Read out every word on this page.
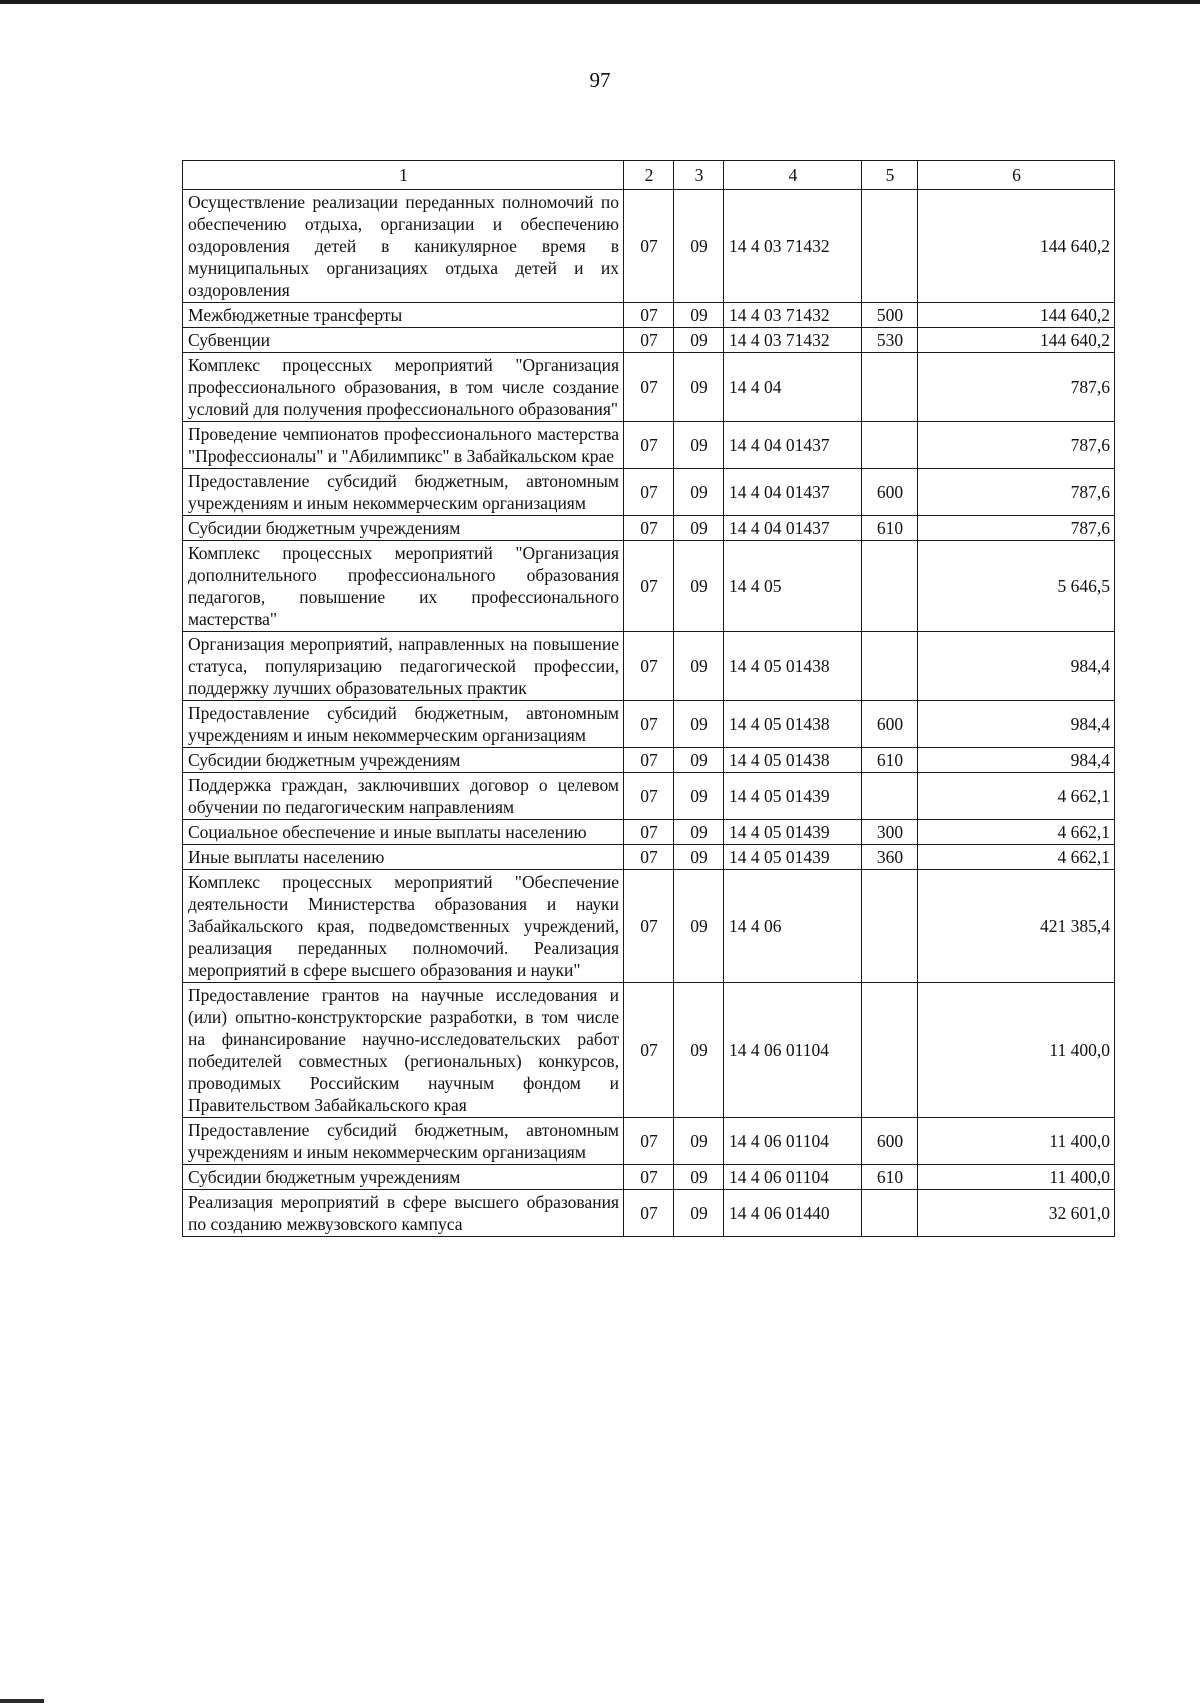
97
1	2	3	4	5	6
Осуществление реализации переданных полномочий по обеспечению отдыха, организации и обеспечению оздоровления детей в каникулярное время в муниципальных организациях отдыха детей и их оздоровления	07	09	14 4 03 71432		144 640,2
Межбюджетные трансферты	07	09	14 4 03 71432	500	144 640,2
Субвенции	07	09	14 4 03 71432	530	144 640,2
Комплекс процессных мероприятий "Организация профессионального образования, в том числе создание условий для получения профессионального образования"	07	09	14 4 04		787,6
Проведение чемпионатов профессионального мастерства "Профессионалы" и "Абилимпикс" в Забайкальском крае	07	09	14 4 04 01437		787,6
Предоставление субсидий бюджетным, автономным учреждениям и иным некоммерческим организациям	07	09	14 4 04 01437	600	787,6
Субсидии бюджетным учреждениям	07	09	14 4 04 01437	610	787,6
Комплекс процессных мероприятий "Организация дополнительного профессионального образования педагогов, повышение их профессионального мастерства"	07	09	14 4 05		5 646,5
Организация мероприятий, направленных на повышение статуса, популяризацию педагогической профессии, поддержку лучших образовательных практик	07	09	14 4 05 01438		984,4
Предоставление субсидий бюджетным, автономным учреждениям и иным некоммерческим организациям	07	09	14 4 05 01438	600	984,4
Субсидии бюджетным учреждениям	07	09	14 4 05 01438	610	984,4
Поддержка граждан, заключивших договор о целевом обучении по педагогическим направлениям	07	09	14 4 05 01439		4 662,1
Социальное обеспечение и иные выплаты населению	07	09	14 4 05 01439	300	4 662,1
Иные выплаты населению	07	09	14 4 05 01439	360	4 662,1
Комплекс процессных мероприятий "Обеспечение деятельности Министерства образования и науки Забайкальского края, подведомственных учреждений, реализация переданных полномочий. Реализация мероприятий в сфере высшего образования и науки"	07	09	14 4 06		421 385,4
Предоставление грантов на научные исследования и (или) опытно-конструкторские разработки, в том числе на финансирование научно-исследовательских работ победителей совместных (региональных) конкурсов, проводимых Российским научным фондом и Правительством Забайкальского края	07	09	14 4 06 01104		11 400,0
Предоставление субсидий бюджетным, автономным учреждениям и иным некоммерческим организациям	07	09	14 4 06 01104	600	11 400,0
Субсидии бюджетным учреждениям	07	09	14 4 06 01104	610	11 400,0
Реализация мероприятий в сфере высшего образования по созданию межвузовского кампуса	07	09	14 4 06 01440		32 601,0
